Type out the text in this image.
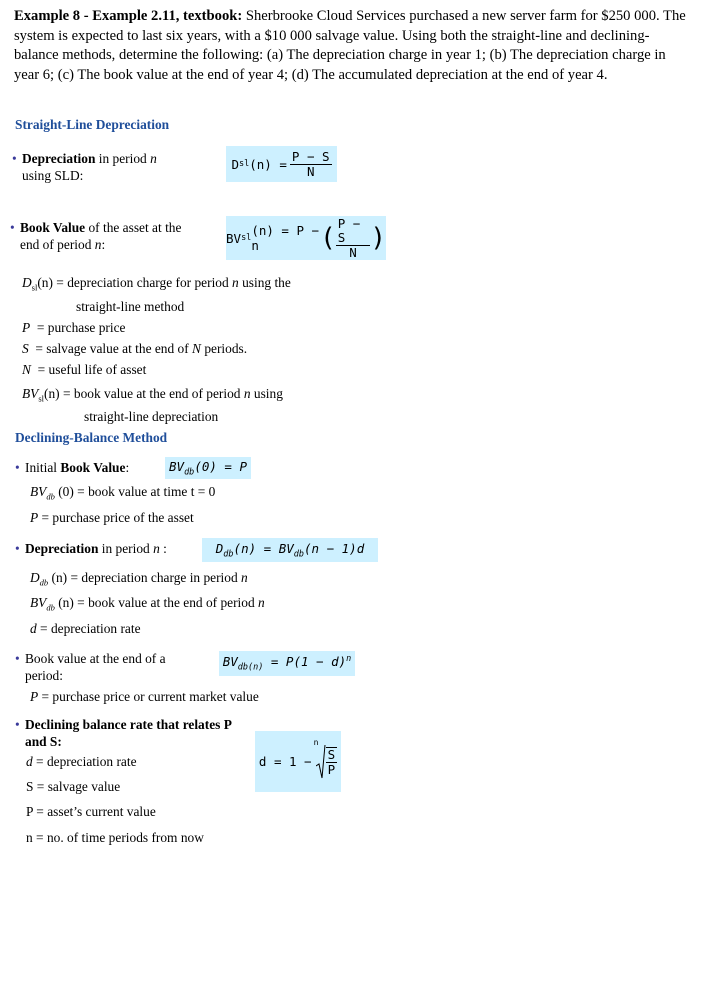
Example 8 - Example 2.11, textbook: Sherbrooke Cloud Services purchased a new server farm for $250 000. The system is expected to last six years, with a $10 000 salvage value. Using both the straight-line and declining-balance methods, determine the following: (a) The depreciation charge in year 1; (b) The depreciation charge in year 6; (c) The book value at the end of year 4; (d) The accumulated depreciation at the end of year 4.
Straight-Line Depreciation
• Depreciation in period n
using SLD:
D sl $(n) = \frac{P - S}{N}$
• Book Value of the asset at the
end of period n:	BV sl (n) = P − n	( $\frac{P - S}{N}$ )
$D_{sl}(n)$ = depreciation charge for period n using the
straight-line method
P  = purchase price
S  = salvage value at the end of N periods.
N  = useful life of asset
$BV_{sl}(n)$ = book value at the end of period n using
straight-line depreciation
Declining-Balance Method
• Initial Book Value:	$BV_{db}(0) = P$
$BV_{db}$ (0) = book value at time t = 0
P = purchase price of the asset
• Depreciation in period n :	$D_{db}(n) = BV_{db}(n - 1)d$
$D_{db}$ (n) = depreciation charge in period n
$BV_{db}$ (n) = book value at the end of period n
d = depreciation rate
• Book value at the end of a
period:
$BV_{db(n)} = P(1 - d)^n$
P = purchase price or current market value
• Declining balance rate that relates P
and S:
d = 1 −
n
$\frac{S}{P}$
d = depreciation rate
S = salvage value
P = asset’s current value
n = no. of time periods from now
